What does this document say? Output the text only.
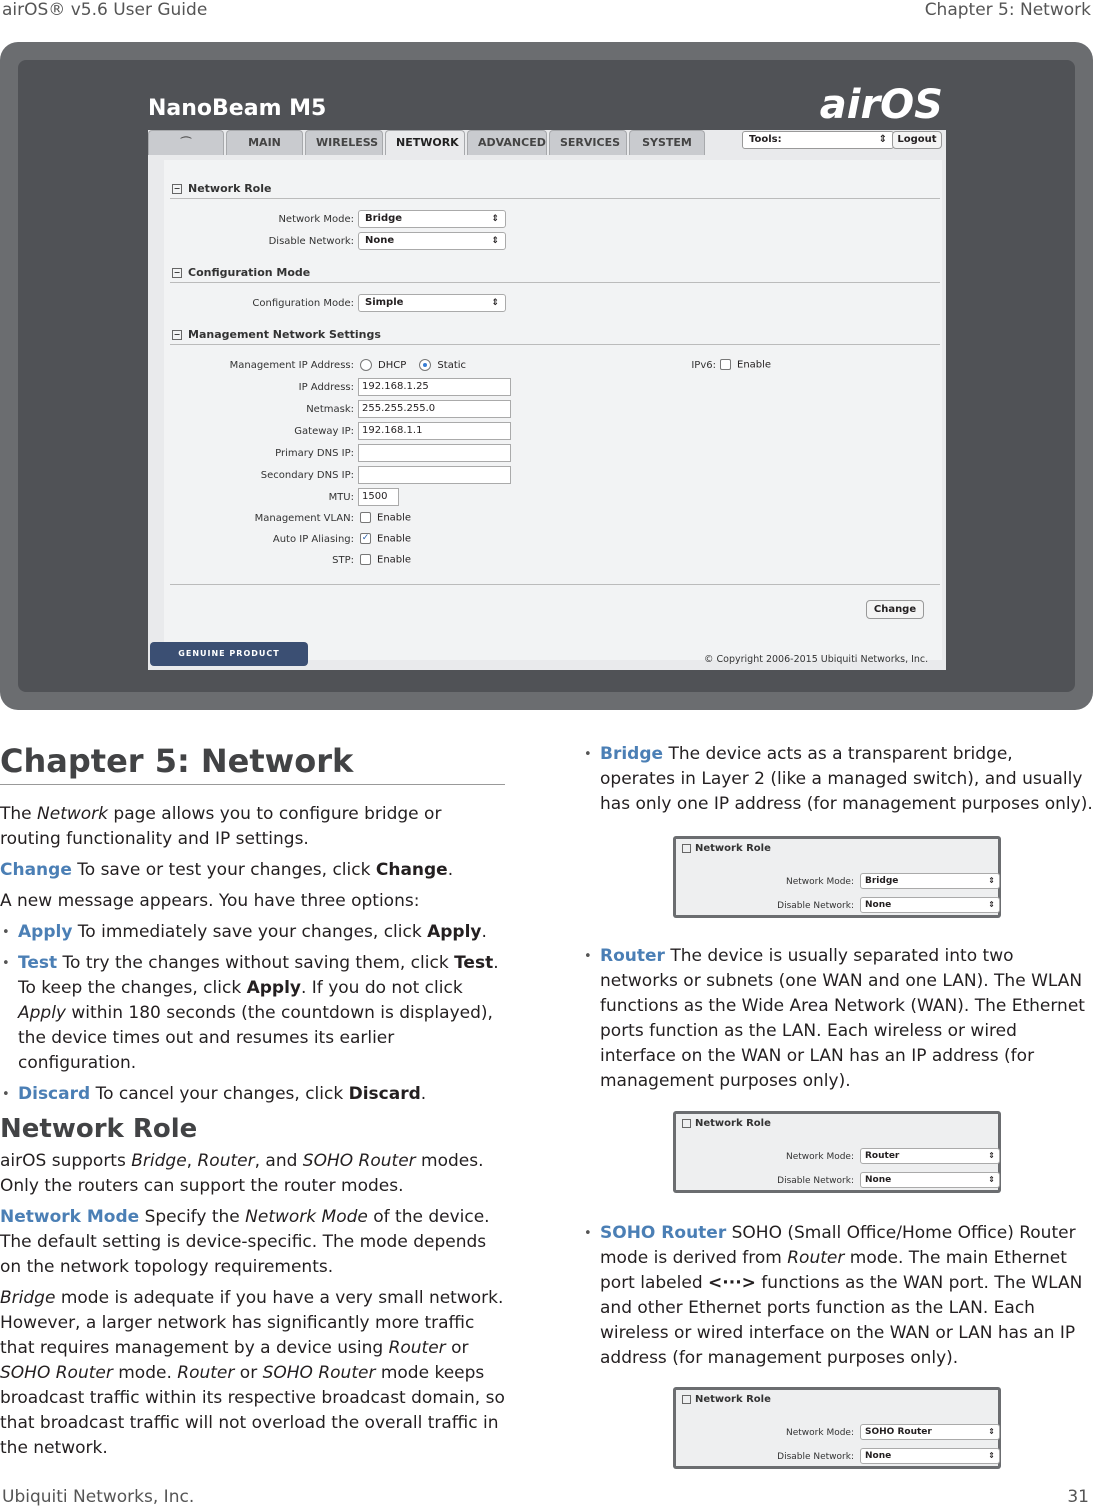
airOS® v5.6 User Guide	Chapter 5: Network
Ubiquiti Networks, Inc.	31
NanoBeam M5	airOS
⌒	MAIN	WIRELESS	NETWORK	ADVANCED	SERVICES	SYSTEM	Tools:	⇕	Logout
− Network Role
Network Mode:	Bridge	⇕
Disable Network:	None	⇕
− Configuration Mode
Configuration Mode:	Simple	⇕
− Management Network Settings
Management IP Address:	DHCP	Static	IPv6:	Enable
IP Address: 192.168.1.25
Netmask: 255.255.255.0
Gateway IP: 192.168.1.1
Primary DNS IP:
Secondary DNS IP:
MTU: 1500
Management VLAN:	Enable
Auto IP Aliasing: ✓ Enable
STP:	Enable
Change
GENUINE PRODUCT
© Copyright 2006-2015 Ubiquiti Networks, Inc.
Chapter 5: Network

The Network page allows you to configure bridge or routing functionality and IP settings.

Change To save or test your changes, click Change.

A new message appears. You have three options:

• Apply To immediately save your changes, click Apply.
• Test To try the changes without saving them, click Test. To keep the changes, click Apply. If you do not click Apply within 180 seconds (the countdown is displayed), the device times out and resumes its earlier configuration.
• Discard To cancel your changes, click Discard.
Network Role

airOS supports Bridge, Router, and SOHO Router modes. Only the routers can support the router modes.

Network Mode Specify the Network Mode of the device. The default setting is device-specific. The mode depends on the network topology requirements.

Bridge mode is adequate if you have a very small network. However, a larger network has significantly more traffic that requires management by a device using Router or SOHO Router mode. Router or SOHO Router mode keeps broadcast traffic within its respective broadcast domain, so that broadcast traffic will not overload the overall traffic in the network.

• Bridge The device acts as a transparent bridge, operates in Layer 2 (like a managed switch), and usually has only one IP address (for management purposes only).
Network Role
Network Mode:	Bridge	⇕
Disable Network:	None	⇕
• Router The device is usually separated into two networks or subnets (one WAN and one LAN). The WLAN functions as the Wide Area Network (WAN). The Ethernet ports function as the LAN. Each wireless or wired interface on the WAN or LAN has an IP address (for management purposes only).
Network Role
Network Mode:	Router	⇕
Disable Network:	None	⇕
• SOHO Router SOHO (Small Office/Home Office) Router mode is derived from Router mode. The main Ethernet port labeled <···> functions as the WAN port. The WLAN and other Ethernet ports function as the LAN. Each wireless or wired interface on the WAN or LAN has an IP address (for management purposes only).
Network Role
Network Mode:	SOHO Router	⇕
Disable Network:	None	⇕
